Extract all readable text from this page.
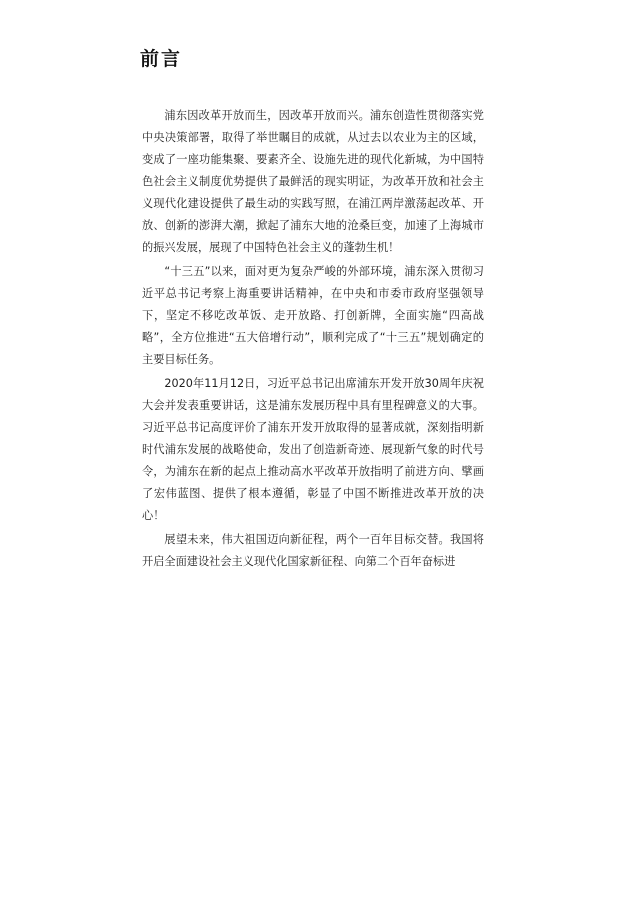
前言

浦东因改革开放而生，因改革开放而兴。浦东创造性贯彻落实党中央决策部署，取得了举世瞩目的成就，从过去以农业为主的区域，变成了一座功能集聚、要素齐全、设施先进的现代化新城，为中国特色社会主义制度优势提供了最鲜活的现实明证，为改革开放和社会主义现代化建设提供了最生动的实践写照，在浦江两岸激荡起改革、开放、创新的澎湃大潮，掀起了浦东大地的沧桑巨变，加速了上海城市的振兴发展，展现了中国特色社会主义的蓬勃生机！

“十三五”以来，面对更为复杂严峻的外部环境，浦东深入贯彻习近平总书记考察上海重要讲话精神，在中央和市委市政府坚强领导下，坚定不移吃改革饭、走开放路、打创新牌，全面实施“四高战略”，全方位推进“五大倍增行动”，顺利完成了“十三五”规划确定的主要目标任务。

2020年11月12日，习近平总书记出席浦东开发开放30周年庆祝大会并发表重要讲话，这是浦东发展历程中具有里程碑意义的大事。习近平总书记高度评价了浦东开发开放取得的显著成就，深刻指明新时代浦东发展的战略使命，发出了创造新奇迹、展现新气象的时代号令，为浦东在新的起点上推动高水平改革开放指明了前进方向、擘画了宏伟蓝图、提供了根本遵循，彰显了中国不断推进改革开放的决心！

展望未来，伟大祖国迈向新征程，两个一百年目标交替。我国将开启全面建设社会主义现代化国家新征程、向第二个百年奋标进
